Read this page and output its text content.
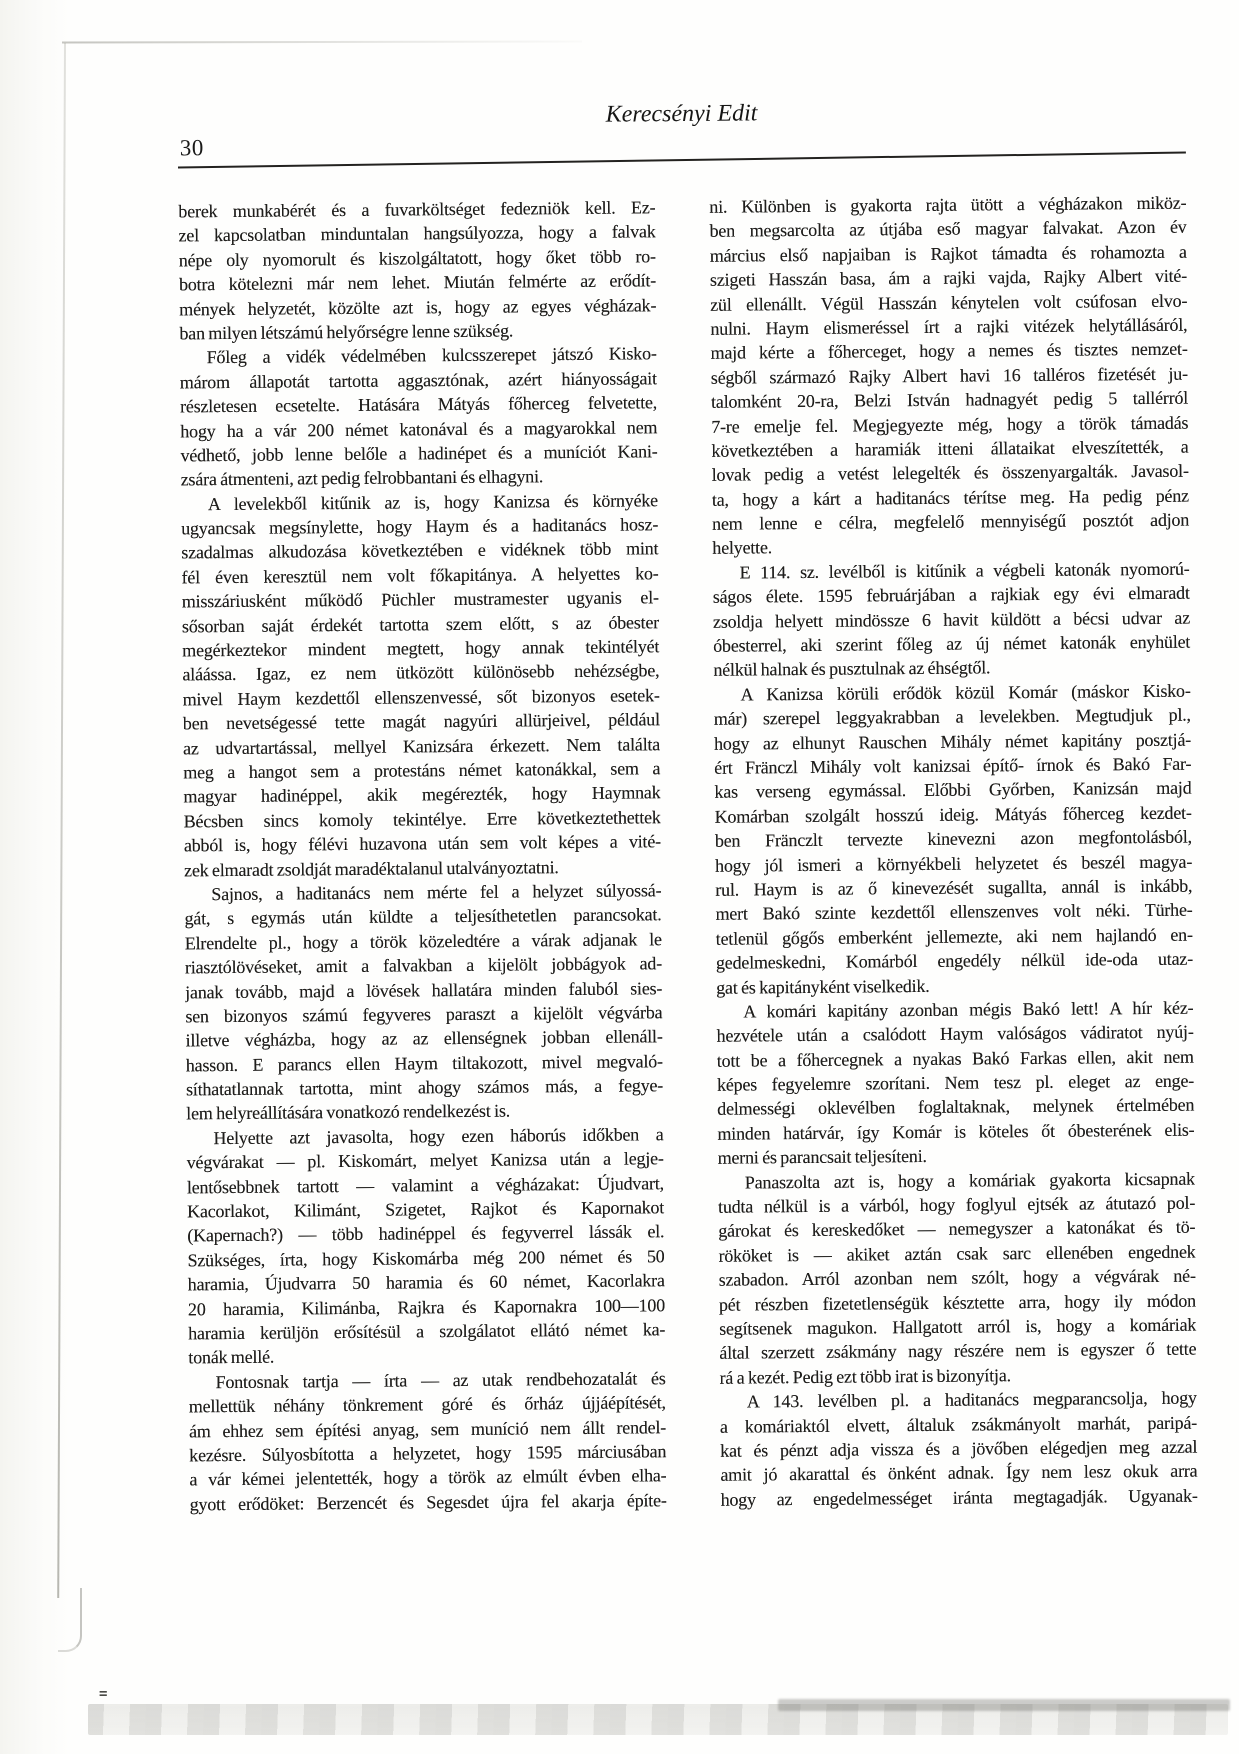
30
Kerecsényi Edit
berek munkabérét és a fuvarköltséget fedezniök kell. Ez-
zel kapcsolatban minduntalan hangsúlyozza, hogy a falvak
népe oly nyomorult és kiszolgáltatott, hogy őket több ro-
botra kötelezni már nem lehet. Miután felmérte az erődít-
mények helyzetét, közölte azt is, hogy az egyes végházak-
ban milyen létszámú helyőrségre lenne szükség.
Főleg a vidék védelmében kulcsszerepet játszó Kisko-
márom állapotát tartotta aggasztónak, azért hiányosságait
részletesen ecsetelte. Hatására Mátyás főherceg felvetette,
hogy ha a vár 200 német katonával és a magyarokkal nem
védhető, jobb lenne belőle a hadinépet és a muníciót Kani-
zsára átmenteni, azt pedig felrobbantani és elhagyni.
A levelekből kitűnik az is, hogy Kanizsa és környéke
ugyancsak megsínylette, hogy Haym és a haditanács hosz-
szadalmas alkudozása következtében e vidéknek több mint
fél éven keresztül nem volt főkapitánya. A helyettes ko-
misszáriusként működő Püchler mustramester ugyanis el-
sősorban saját érdekét tartotta szem előtt, s az óbester
megérkeztekor mindent megtett, hogy annak tekintélyét
aláássa. Igaz, ez nem ütközött különösebb nehézségbe,
mivel Haym kezdettől ellenszenvessé, sőt bizonyos esetek-
ben nevetségessé tette magát nagyúri allürjeivel, például
az udvartartással, mellyel Kanizsára érkezett. Nem találta
meg a hangot sem a protestáns német katonákkal, sem a
magyar hadinéppel, akik megérezték, hogy Haymnak
Bécsben sincs komoly tekintélye. Erre következtethettek
abból is, hogy félévi huzavona után sem volt képes a vité-
zek elmaradt zsoldját maradéktalanul utalványoztatni.
Sajnos, a haditanács nem mérte fel a helyzet súlyossá-
gát, s egymás után küldte a teljesíthetetlen parancsokat.
Elrendelte pl., hogy a török közeledtére a várak adjanak le
riasztólövéseket, amit a falvakban a kijelölt jobbágyok ad-
janak tovább, majd a lövések hallatára minden faluból sies-
sen bizonyos számú fegyveres paraszt a kijelölt végvárba
illetve végházba, hogy az az ellenségnek jobban ellenáll-
hasson. E parancs ellen Haym tiltakozott, mivel megvaló-
síthatatlannak tartotta, mint ahogy számos más, a fegye-
lem helyreállítására vonatkozó rendelkezést is.
Helyette azt javasolta, hogy ezen háborús időkben a
végvárakat — pl. Kiskomárt, melyet Kanizsa után a legje-
lentősebbnek tartott — valamint a végházakat: Újudvart,
Kacorlakot, Kilimánt, Szigetet, Rajkot és Kapornakot
(Kapernach?) — több hadinéppel és fegyverrel lássák el.
Szükséges, írta, hogy Kiskomárba még 200 német és 50
haramia, Újudvarra 50 haramia és 60 német, Kacorlakra
20 haramia, Kilimánba, Rajkra és Kapornakra 100—100
haramia kerüljön erősítésül a szolgálatot ellátó német ka-
tonák mellé.
Fontosnak tartja — írta — az utak rendbehozatalát és
mellettük néhány tönkrement góré és őrház újjáépítését,
ám ehhez sem építési anyag, sem muníció nem állt rendel-
kezésre. Súlyosbította a helyzetet, hogy 1595 márciusában
a vár kémei jelentették, hogy a török az elmúlt évben elha-
gyott erődöket: Berzencét és Segesdet újra fel akarja építe-
ni. Különben is gyakorta rajta ütött a végházakon miköz-
ben megsarcolta az útjába eső magyar falvakat. Azon év
március első napjaiban is Rajkot támadta és rohamozta a
szigeti Hasszán basa, ám a rajki vajda, Rajky Albert vité-
zül ellenállt. Végül Hasszán kénytelen volt csúfosan elvo-
nulni. Haym elismeréssel írt a rajki vitézek helytállásáról,
majd kérte a főherceget, hogy a nemes és tisztes nemzet-
ségből származó Rajky Albert havi 16 talléros fizetését ju-
talomként 20-ra, Belzi István hadnagyét pedig 5 tallérról
7-re emelje fel. Megjegyezte még, hogy a török támadás
következtében a haramiák itteni állataikat elveszítették, a
lovak pedig a vetést lelegelték és összenyargalták. Javasol-
ta, hogy a kárt a haditanács térítse meg. Ha pedig pénz
nem lenne e célra, megfelelő mennyiségű posztót adjon
helyette.
E 114. sz. levélből is kitűnik a végbeli katonák nyomorú-
ságos élete. 1595 februárjában a rajkiak egy évi elmaradt
zsoldja helyett mindössze 6 havit küldött a bécsi udvar az
óbesterrel, aki szerint főleg az új német katonák enyhület
nélkül halnak és pusztulnak az éhségtől.
A Kanizsa körüli erődök közül Komár (máskor Kisko-
már) szerepel leggyakrabban a levelekben. Megtudjuk pl.,
hogy az elhunyt Rauschen Mihály német kapitány posztjá-
ért Fränczl Mihály volt kanizsai építő- írnok és Bakó Far-
kas verseng egymással. Előbbi Győrben, Kanizsán majd
Komárban szolgált hosszú ideig. Mátyás főherceg kezdet-
ben Fränczlt tervezte kinevezni azon megfontolásból,
hogy jól ismeri a környékbeli helyzetet és beszél magya-
rul. Haym is az ő kinevezését sugallta, annál is inkább,
mert Bakó szinte kezdettől ellenszenves volt néki. Türhe-
tetlenül gőgős emberként jellemezte, aki nem hajlandó en-
gedelmeskedni, Komárból engedély nélkül ide-oda utaz-
gat és kapitányként viselkedik.
A komári kapitány azonban mégis Bakó lett! A hír kéz-
hezvétele után a csalódott Haym valóságos vádiratot nyúj-
tott be a főhercegnek a nyakas Bakó Farkas ellen, akit nem
képes fegyelemre szorítani. Nem tesz pl. eleget az enge-
delmességi oklevélben foglaltaknak, melynek értelmében
minden határvár, így Komár is köteles őt óbesterének elis-
merni és parancsait teljesíteni.
Panaszolta azt is, hogy a komáriak gyakorta kicsapnak
tudta nélkül is a várból, hogy foglyul ejtsék az átutazó pol-
gárokat és kereskedőket — nemegyszer a katonákat és tö-
rököket is — akiket aztán csak sarc ellenében engednek
szabadon. Arról azonban nem szólt, hogy a végvárak né-
pét részben fizetetlenségük késztette arra, hogy ily módon
segítsenek magukon. Hallgatott arról is, hogy a komáriak
által szerzett zsákmány nagy részére nem is egyszer ő tette
rá a kezét. Pedig ezt több irat is bizonyítja.
A 143. levélben pl. a haditanács megparancsolja, hogy
a komáriaktól elvett, általuk zsákmányolt marhát, paripá-
kat és pénzt adja vissza és a jövőben elégedjen meg azzal
amit jó akarattal és önként adnak. Így nem lesz okuk arra
hogy az engedelmességet iránta megtagadják. Ugyanak-
=
